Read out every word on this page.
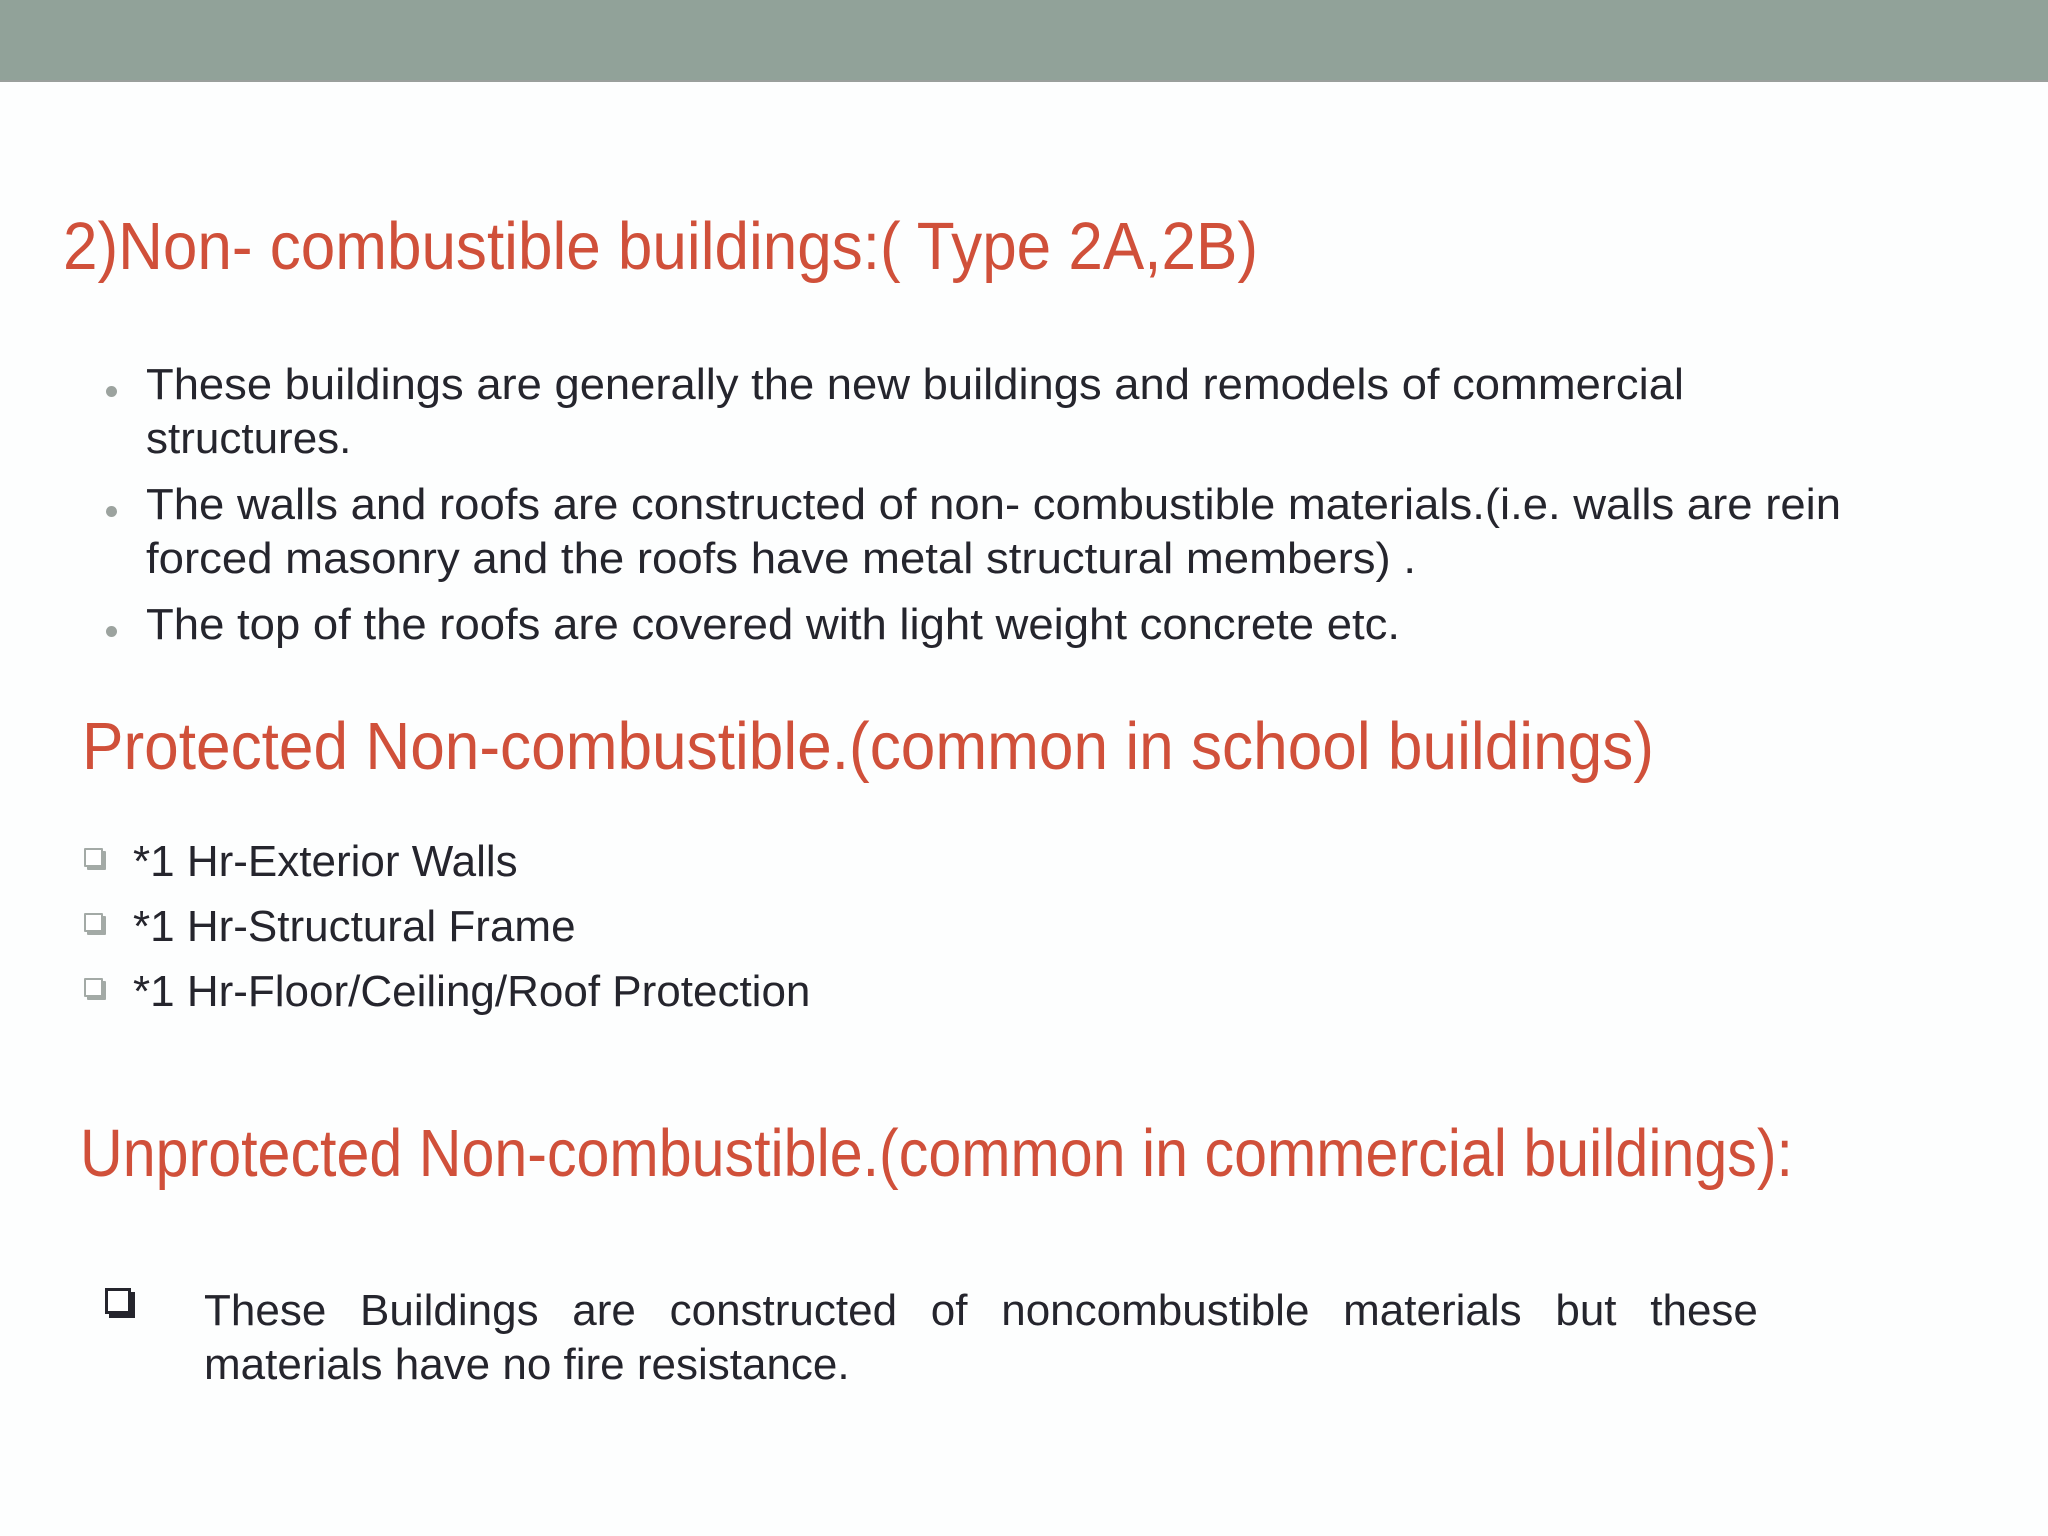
2)Non- combustible buildings:( Type 2A,2B)
These buildings are generally the new buildings and remodels of commercial
structures.
The walls and roofs are constructed of non- combustible materials.(i.e. walls are rein
forced masonry and the roofs have metal structural members) .
The top of the roofs are covered with light weight concrete etc.
Protected Non-combustible.(common in school buildings)
*1 Hr-Exterior Walls
*1 Hr-Structural Frame
*1 Hr-Floor/Ceiling/Roof Protection
Unprotected Non-combustible.(common in commercial buildings):
These Buildings are constructed of noncombustible materials but these
materials have no fire resistance.
